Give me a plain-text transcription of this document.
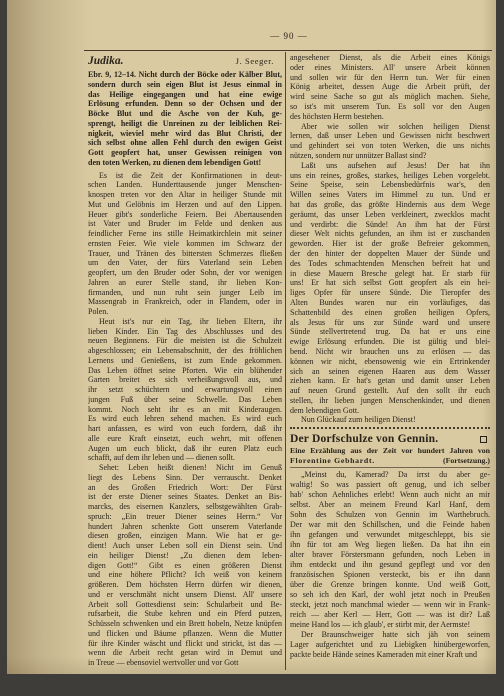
— 90 —
Judika.	J. Seeger.
Ebr. 9, 12–14. Nicht durch der Böcke oder Kälber Blut,
sondern durch sein eigen Blut ist Jesus einmal in
das Heilige eingegangen und hat eine ewige
Erlösung erfunden. Denn so der Ochsen und der
Böcke Blut und die Asche von der Kuh, ge-
sprengt, heiligt die Unreinen zu der leiblichen Rei-
nigkeit, wieviel mehr wird das Blut Christi, der
sich selbst ohne allen Fehl durch den ewigen Geist
Gott geopfert hat, unser Gewissen reinigen von
den toten Werken, zu dienen dem lebendigen Gott!
Es ist die Zeit der Konfirmationen in deut-
schen Landen. Hunderttausende junger Menschen-
knospen treten vor den Altar in heiliger Stunde mit
Mut und Gelöbnis im Herzen und auf den Lippen.
Heuer gibt's sonderliche Feiern. Bei Abertausenden
ist Vater und Bruder im Felde und denken aus
feindlicher Ferne ins stille Heimatkirchlein mit seiner
ernsten Feier. Wie viele kommen im Schwarz der
Trauer, und Tränen des bittersten Schmerzes fließen
um den Vater, der fürs Vaterland sein Leben
geopfert, um den Bruder oder Sohn, der vor wenigen
Jahren an eurer Stelle stand, ihr lieben Kon-
firmanden, und nun ruht sein junger Leib im
Massengrab in Frankreich, oder in Flandern, oder in
Polen.
Heut ist's nur ein Tag, ihr lieben Eltern, ihr
lieben Kinder. Ein Tag des Abschlusses und des
neuen Beginnens. Für die meisten ist die Schulzeit
abgeschlossen; ein Lebensabschnitt, der des fröhlichen
Lernens und Genießens, ist zum Ende gekommen.
Das Leben öffnet seine Pforten. Wie ein blühender
Garten breitet es sich verheißungsvoll aus, und
ihr setzt schüchtern und erwartungsvoll einen
jungen Fuß über seine Schwelle. Das Leben
kommt. Noch seht ihr es an mit Kinderaugen.
Es wird euch lehren sehend machen. Es wird euch
hart anfassen, es wird von euch fordern, daß ihr
alle eure Kraft einsetzt, euch wehrt, mit offenen
Augen um euch blickt, daß ihr euren Platz euch
schafft, auf dem ihr leben und — dienen sollt.
Sehet: Leben heißt dienen! Nicht im Genuß
liegt des Lebens Sinn. Der verrauscht. Denket
an des Großen Friedrich Wort: Der Fürst
ist der erste Diener seines Staates. Denket an Bis-
marcks, des eisernen Kanzlers, selbstgewählten Grab-
spruch: „Ein treuer Diener seines Herrn.“ Vor
hundert Jahren schenkte Gott unserem Vaterlande
diesen großen, einzigen Mann. Wie hat er ge-
dient! Auch unser Leben soll ein Dienst sein. Und
ein heiliger Dienst! „Zu dienen dem leben-
digen Gott!“ Gibt es einen größeren Dienst
und eine höhere Pflicht? Ich weiß von keinem
größeren. Dem höchsten Herrn dürfen wir dienen,
und er verschmäht nicht unsern Dienst. All' unsere
Arbeit soll Gottesdienst sein: Schularbeit und Be-
rufsarbeit, die Stube kehren und ein Pferd putzen,
Schüsseln schwenken und ein Brett hobeln, Netze knüpfen
und flicken und Bäume pflanzen. Wenn die Mutter
für ihre Kinder wäscht und flickt und strickt, ist das —
wenn die Arbeit recht getan wird in Demut und
in Treue — ebensoviel wertvoller und vor Gott
angesehener Dienst, als die Arbeit eines Königs
oder eines Ministers. All' unsere Arbeit können
und sollen wir für den Herrn tun. Wer für einen
König arbeitet, dessen Auge die Arbeit prüft, der
wird seine Sache so gut als möglich machen. Siehe,
so ist's mit unserem Tun. Es soll vor den Augen
des höchsten Herrn bestehen.
Aber wie sollen wir solchen heiligen Dienst
lernen, daß unser Leben und Gewissen nicht beschwert
und gehindert sei von toten Werken, die uns nichts
nützen, sondern nur unnützer Ballast sind?
Laßt uns aufsehen auf Jesus! Der hat ihn
uns ein reines, großes, starkes, heiliges Leben vorgelebt.
Seine Speise, sein Lebensbedürfnis war's, den
Willen seines Vaters im Himmel zu tun. Und er
hat das große, das größte Hindernis aus dem Wege
geräumt, das unser Leben verkleinert, zwecklos macht
und verdirbt: die Sünde! An ihm hat der Fürst
dieser Welt nichts gefunden, an ihm ist er zuschanden
geworden. Hier ist der große Befreier gekommen,
der den hinter der doppelten Mauer der Sünde und
des Todes schmachtenden Menschen befreit hat und
in diese Mauern Bresche gelegt hat. Er starb für
uns! Er hat sich selbst Gott geopfert als ein hei-
liges Opfer für unsere Sünde. Die Tieropfer des
Alten Bundes waren nur ein vorläufiges, das
Schattenbild des einen großen heiligen Opfers,
als Jesus für uns zur Sünde ward und unsere
Sünde stellvertretend trug. Da hat er uns eine
ewige Erlösung erfunden. Die ist gültig und blei-
bend. Nicht wir brauchen uns zu erlösen — das
können wir nicht, ebensowenig wie ein Ertrinkender
sich an seinen eigenen Haaren aus dem Wasser
ziehen kann. Er hat's getan und damit unser Leben
auf neuen Grund gestellt. Auf den sollt ihr euch
stellen, ihr lieben jungen Menschenkinder, und dienen
dem lebendigen Gott.
Nun Glückauf zum heiligen Dienst!
Der Dorfschulze von Gennin.
Eine Erzählung aus der Zeit vor hundert Jahren von
Florentine Gebhardt.	(Fortsetzung.)
„Meinst du, Kamerad? Da irrst du aber ge-
waltig! So was passiert oft genug, und ich selber
hab' schon Aehnliches erlebt! Wenn auch nicht an mir
selbst. Aber an meinem Freund Karl Hanf, dem
Sohn des Schulzen von Gennin im Warthebruch.
Der war mit den Schillschen, und die Feinde haben
ihn gefangen und verwundet mitgeschleppt, bis sie
ihn für tot am Weg liegen ließen. Da hat ihn ein
alter braver Förstersmann gefunden, noch Leben in
ihm entdeckt und ihn gesund gepflegt und vor den
französischen Spionen versteckt, bis er ihn dann
über die Grenze bringen konnte. Und weiß Gott,
so seh ich den Karl, der wohl jetzt noch in Preußen
steckt, jetzt noch manchmal wieder — wenn wir in Frank-
reich — aber Kerl — Herr, Gott — was ist dir? Laß
meine Hand los — ich glaub', er stirbt mir, der Aermste!
Der Braunschweiger hatte sich jäh von seinem
Lager aufgerichtet und zu Liebigken hinübergeworfen,
packte beide Hände seines Kameraden mit einer Kraft und
